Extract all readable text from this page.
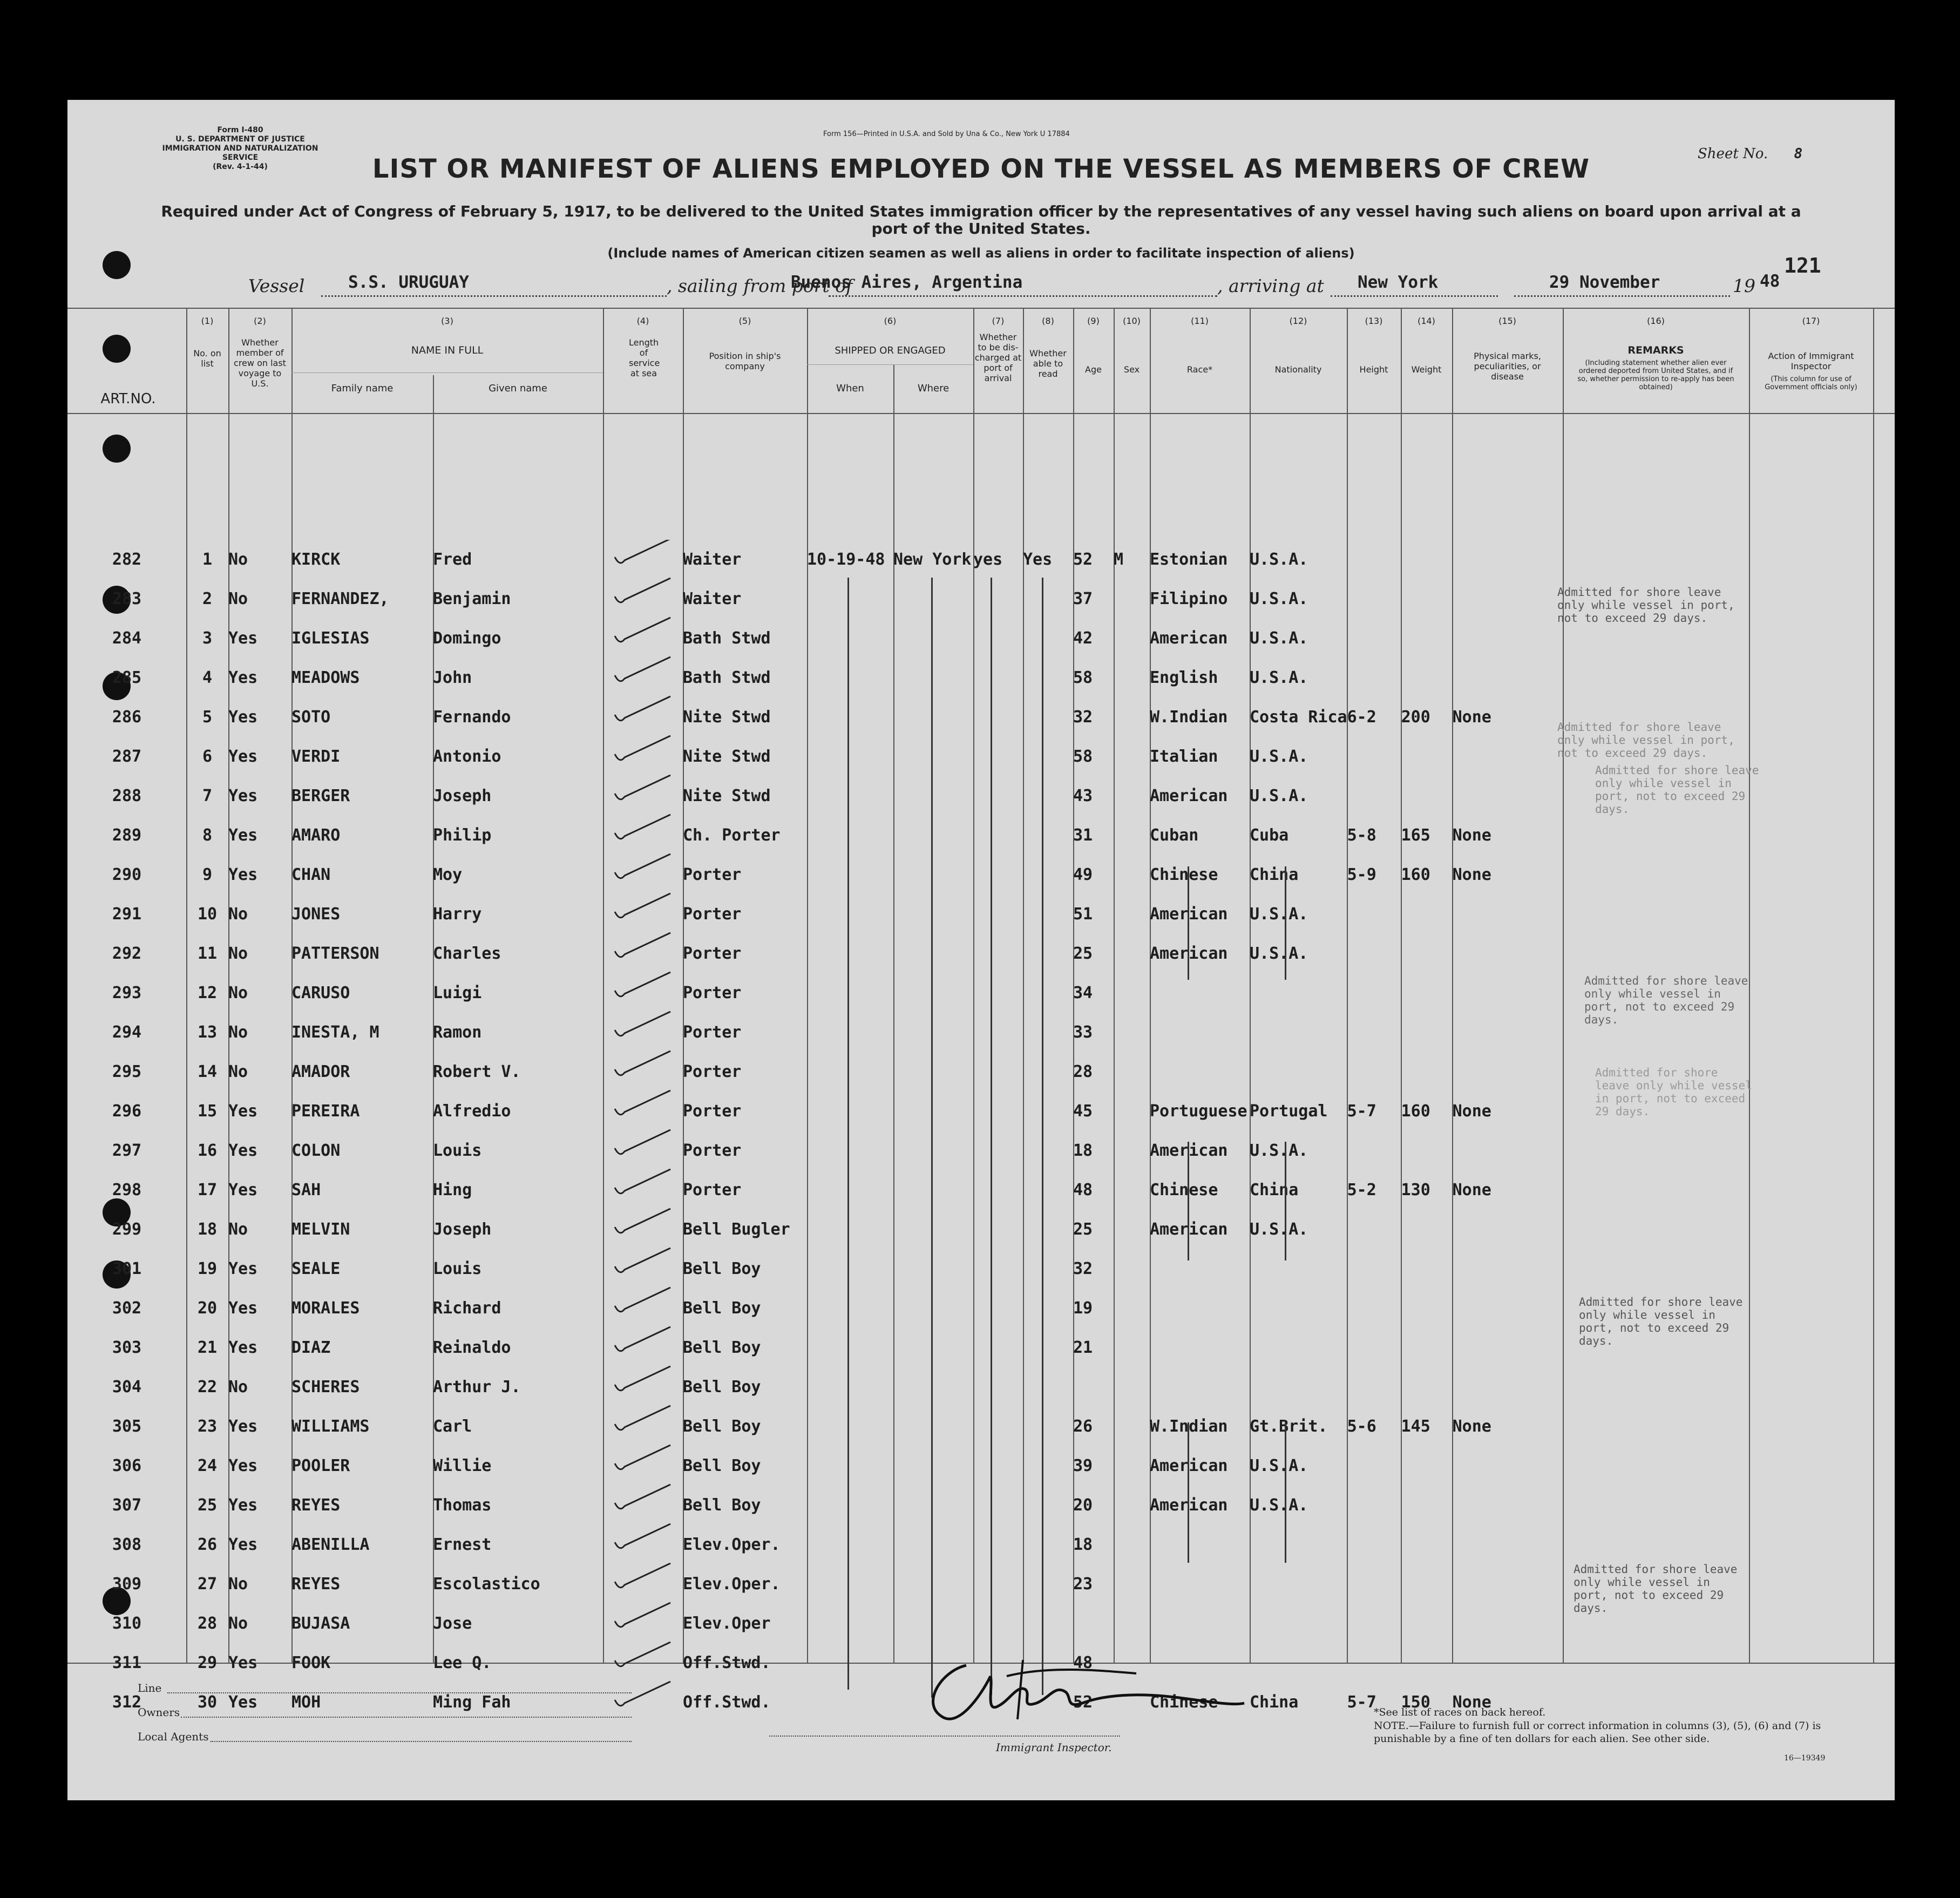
Form I-480
U. S. DEPARTMENT OF JUSTICE
IMMIGRATION AND NATURALIZATION SERVICE
(Rev. 4-1-44)
Form 156—Printed in U.S.A. and Sold by Una & Co., New York U 17884
Sheet No. 8
LIST OR MANIFEST OF ALIENS EMPLOYED ON THE VESSEL AS MEMBERS OF CREW
Required under Act of Congress of February 5, 1917, to be delivered to the United States immigration officer by the representatives of any vessel having such aliens on board upon arrival at a
port of the United States.
(Include names of American citizen seamen as well as aliens in order to facilitate inspection of aliens)
121
Vessel	S.S. URUGUAY	, sailing from port of
Buenos Aires, Argentina	, arriving at New York	29 November	19 48
ART.NO.
(1)
No. on list
(2)
Whether member of crew on last voyage to U.S.
(3)
NAME IN FULL
Family name	Given name
(4)
Length of service at sea
(5)
Position in ship's company
(6)
SHIPPED OR ENGAGED
When	Where
(7)
Whether to be dis-charged at port of arrival
(8)
Whether able to read
(9)
Age
(10)
Sex
(11)
Race*
(12)
Nationality
(13)
Height
(14)
Weight
(15)
Physical marks, peculiarities, or disease
(16)
REMARKS
(Including statement whether alien ever ordered deported from United States, and if so, whether permission to re-apply has been obtained)
(17)
Action of Immigrant Inspector
(This column for use of Government officials only)
282	1	No	KIRCK	Fred		Waiter	10-19-48	New York	yes	Yes	52	M	Estonian	U.S.A.			
283	2	No	FERNANDEZ,	Benjamin		Waiter					37		Filipino	U.S.A.			
284	3	Yes	IGLESIAS	Domingo		Bath Stwd					42		American	U.S.A.			
285	4	Yes	MEADOWS	John		Bath Stwd					58		English	U.S.A.			
286	5	Yes	SOTO	Fernando		Nite Stwd					32		W.Indian	Costa Rica	6-2	200	None
287	6	Yes	VERDI	Antonio		Nite Stwd					58		Italian	U.S.A.			
288	7	Yes	BERGER	Joseph		Nite Stwd					43		American	U.S.A.			
289	8	Yes	AMARO	Philip		Ch. Porter					31		Cuban	Cuba	5-8	165	None
290	9	Yes	CHAN	Moy		Porter					49		Chinese	China	5-9	160	None
291	10	No	JONES	Harry		Porter					51		American	U.S.A.			
292	11	No	PATTERSON	Charles		Porter					25		American	U.S.A.			
293	12	No	CARUSO	Luigi		Porter					34						
294	13	No	INESTA, M	Ramon		Porter					33						
295	14	No	AMADOR	Robert V.		Porter					28						
296	15	Yes	PEREIRA	Alfredio		Porter					45		Portuguese	Portugal	5-7	160	None
297	16	Yes	COLON	Louis		Porter					18		American	U.S.A.			
298	17	Yes	SAH	Hing		Porter					48		Chinese	China	5-2	130	None
299	18	No	MELVIN	Joseph		Bell Bugler					25		American	U.S.A.			
301	19	Yes	SEALE	Louis		Bell Boy					32						
302	20	Yes	MORALES	Richard		Bell Boy					19						
303	21	Yes	DIAZ	Reinaldo		Bell Boy					21						
304	22	No	SCHERES	Arthur J.		Bell Boy											
305	23	Yes	WILLIAMS	Carl		Bell Boy					26		W.Indian	Gt.Brit.	5-6	145	None
306	24	Yes	POOLER	Willie		Bell Boy					39		American	U.S.A.			
307	25	Yes	REYES	Thomas		Bell Boy					20		American	U.S.A.			
308	26	Yes	ABENILLA	Ernest		Elev.Oper.					18						
309	27	No	REYES	Escolastico		Elev.Oper.					23						
310	28	No	BUJASA	Jose		Elev.Oper											
311	29	Yes	FOOK	Lee Q.		Off.Stwd.					48						
312	30	Yes	MOH	Ming Fah		Off.Stwd.					52		Chinese	China	5-7	150	None
Admitted for shore leave only while vessel in port, not to exceed 29 days.
Admitted for shore leave only while vessel in port, not to exceed 29 days.
Admitted for shore leave only while vessel in port, not to exceed 29 days.
Admitted for shore leave only while vessel in port, not to exceed 29 days.
Admitted for shore leave only while vessel in port, not to exceed 29 days.
Admitted for shore leave only while vessel in port, not to exceed 29 days.
Admitted for shore leave only while vessel in port, not to exceed 29 days.
Line
Owners
Local Agents
Immigrant Inspector.
*See list of races on back hereof.
NOTE.—Failure to furnish full or correct information in columns (3), (5), (6) and (7) is punishable by a fine of ten dollars for each alien. See other side.
16—19349
